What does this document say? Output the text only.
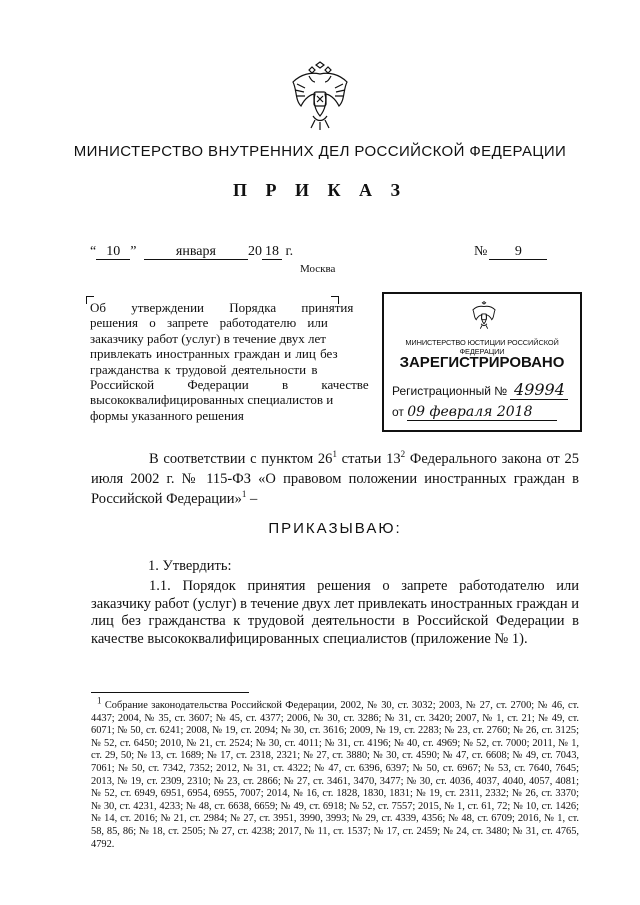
МИНИСТЕРСТВО ВНУТРЕННИХ ДЕЛ РОССИЙСКОЙ ФЕДЕРАЦИИ
П Р И К А З
“ 10 ”	января 20 18 г.	№ 9
Москва
Об утверждении Порядка принятия
решения о запрете работодателю или
заказчику работ (услуг) в течение двух лет
привлекать иностранных граждан и лиц без
гражданства к трудовой деятельности в
Российской Федерации в качестве
высококвалифицированных специалистов и
формы указанного решения
МИНИСТЕРСТВО ЮСТИЦИИ РОССИЙСКОЙ ФЕДЕРАЦИИ
ЗАРЕГИСТРИРОВАНО
Регистрационный № 49994
от 09 февраля 2018

В соответствии с пунктом $26^1$ статьи $13^2$ Федерального закона от 25 июля 2002 г. № 115-ФЗ «О правовом положении иностранных граждан в Российской Федерации»$^1$ –

ПРИКАЗЫВАЮ:
1. Утвердить:

1.1. Порядок принятия решения о запрете работодателю или заказчику работ (услуг) в течение двух лет привлекать иностранных граждан и лиц без гражданства к трудовой деятельности в Российской Федерации в качестве высококвалифицированных специалистов (приложение № 1).

$^1$ Собрание законодательства Российской Федерации, 2002, № 30, ст. 3032; 2003, № 27, ст. 2700; № 46, ст. 4437; 2004, № 35, ст. 3607; № 45, ст. 4377; 2006, № 30, ст. 3286; № 31, ст. 3420; 2007, № 1, ст. 21; № 49, ст. 6071; № 50, ст. 6241; 2008, № 19, ст. 2094; № 30, ст. 3616; 2009, № 19, ст. 2283; № 23, ст. 2760; № 26, ст. 3125; № 52, ст. 6450; 2010, № 21, ст. 2524; № 30, ст. 4011; № 31, ст. 4196; № 40, ст. 4969; № 52, ст. 7000; 2011, № 1, ст. 29, 50; № 13, ст. 1689; № 17, ст. 2318, 2321; № 27, ст. 3880; № 30, ст. 4590; № 47, ст. 6608; № 49, ст. 7043, 7061; № 50, ст. 7342, 7352; 2012, № 31, ст. 4322; № 47, ст. 6396, 6397; № 50, ст. 6967; № 53, ст. 7640, 7645; 2013, № 19, ст. 2309, 2310; № 23, ст. 2866; № 27, ст. 3461, 3470, 3477; № 30, ст. 4036, 4037, 4040, 4057, 4081; № 52, ст. 6949, 6951, 6954, 6955, 7007; 2014, № 16, ст. 1828, 1830, 1831; № 19, ст. 2311, 2332; № 26, ст. 3370; № 30, ст. 4231, 4233; № 48, ст. 6638, 6659; № 49, ст. 6918; № 52, ст. 7557; 2015, № 1, ст. 61, 72; № 10, ст. 1426; № 14, ст. 2016; № 21, ст. 2984; № 27, ст. 3951, 3990, 3993; № 29, ст. 4339, 4356; № 48, ст. 6709; 2016, № 1, ст. 58, 85, 86; № 18, ст. 2505; № 27, ст. 4238; 2017, № 11, ст. 1537; № 17, ст. 2459; № 24, ст. 3480; № 31, ст. 4765, 4792.
